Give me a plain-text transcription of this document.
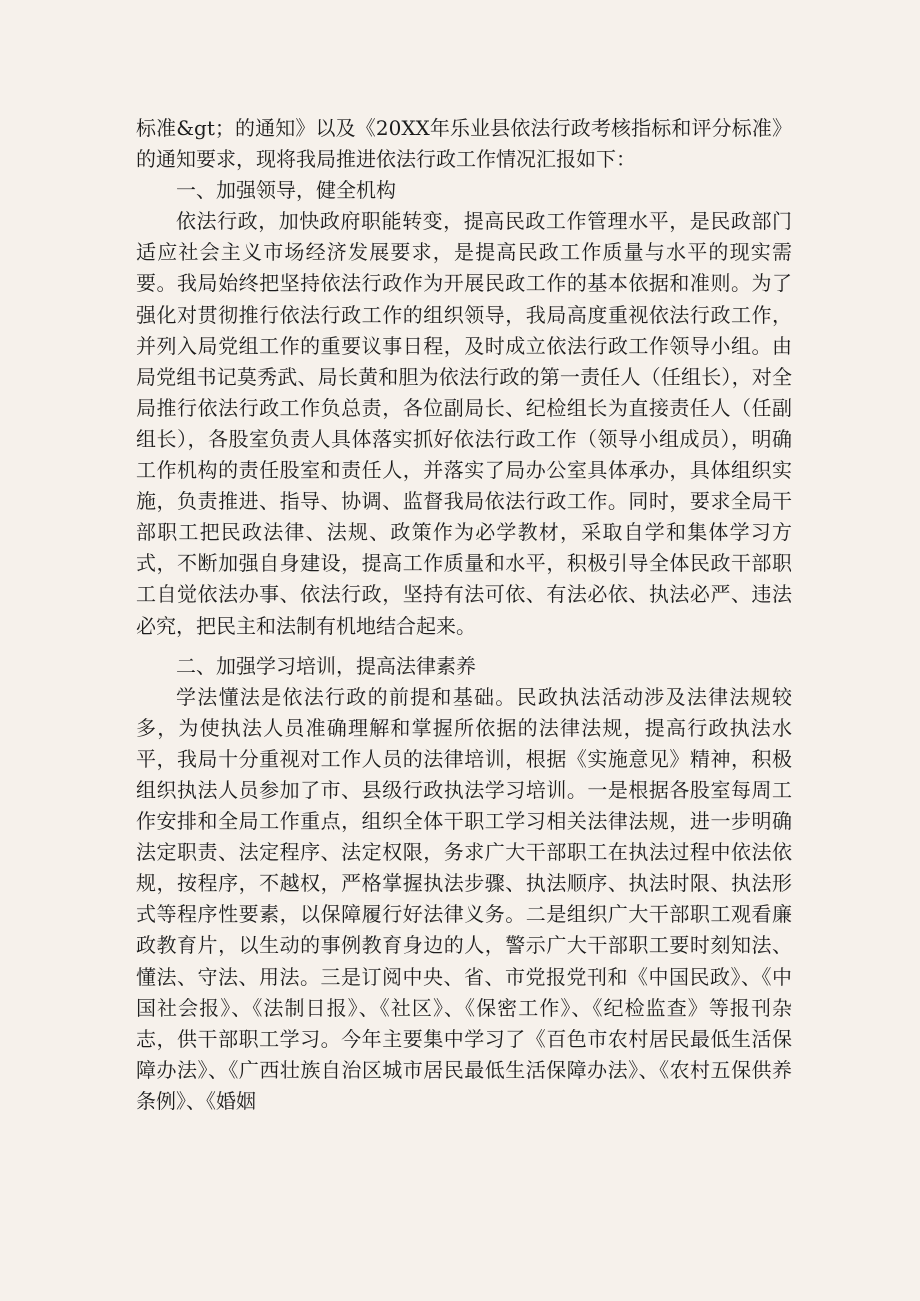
标准&gt；的通知》以及《20XX年乐业县依法行政考核指标和评分标准》的通知要求，现将我局推进依法行政工作情况汇报如下：

一、加强领导，健全机构

依法行政，加快政府职能转变，提高民政工作管理水平，是民政部门适应社会主义市场经济发展要求，是提高民政工作质量与水平的现实需要。我局始终把坚持依法行政作为开展民政工作的基本依据和准则。为了强化对贯彻推行依法行政工作的组织领导，我局高度重视依法行政工作，并列入局党组工作的重要议事日程，及时成立依法行政工作领导小组。由局党组书记莫秀武、局长黄和胆为依法行政的第一责任人（任组长），对全局推行依法行政工作负总责，各位副局长、纪检组长为直接责任人（任副组长），各股室负责人具体落实抓好依法行政工作（领导小组成员），明确工作机构的责任股室和责任人，并落实了局办公室具体承办，具体组织实施，负责推进、指导、协调、监督我局依法行政工作。同时，要求全局干部职工把民政法律、法规、政策作为必学教材，采取自学和集体学习方式，不断加强自身建设，提高工作质量和水平，积极引导全体民政干部职工自觉依法办事、依法行政，坚持有法可依、有法必依、执法必严、违法必究，把民主和法制有机地结合起来。

二、加强学习培训，提高法律素养

学法懂法是依法行政的前提和基础。民政执法活动涉及法律法规较多，为使执法人员准确理解和掌握所依据的法律法规，提高行政执法水平，我局十分重视对工作人员的法律培训，根据《实施意见》精神，积极组织执法人员参加了市、县级行政执法学习培训。一是根据各股室每周工作安排和全局工作重点，组织全体干职工学习相关法律法规，进一步明确法定职责、法定程序、法定权限，务求广大干部职工在执法过程中依法依规，按程序，不越权，严格掌握执法步骤、执法顺序、执法时限、执法形式等程序性要素，以保障履行好法律义务。二是组织广大干部职工观看廉政教育片，以生动的事例教育身边的人，警示广大干部职工要时刻知法、懂法、守法、用法。三是订阅中央、省、市党报党刊和《中国民政》、《中国社会报》、《法制日报》、《社区》、《保密工作》、《纪检监查》等报刊杂志，供干部职工学习。今年主要集中学习了《百色市农村居民最低生活保障办法》、《广西壮族自治区城市居民最低生活保障办法》、《农村五保供养条例》、《婚姻
